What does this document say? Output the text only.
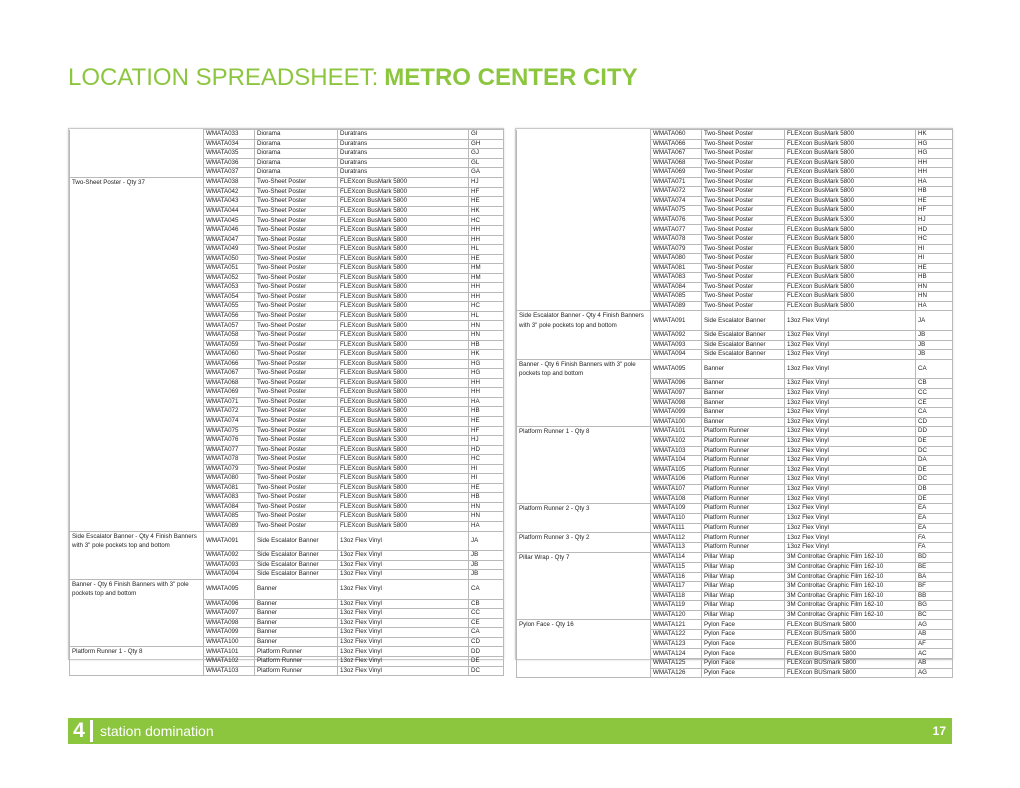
LOCATION SPREADSHEET: METRO CENTER CITY
	WMATA033	Diorama	Duratrans	GI
	WMATA034	Diorama	Duratrans	GH
	WMATA035	Diorama	Duratrans	GJ
	WMATA036	Diorama	Duratrans	GL
	WMATA037	Diorama	Duratrans	GA
Two-Sheet Poster - Qty 37	WMATA038	Two-Sheet Poster	FLEXcon BusMark 5800	HJ
	WMATA042	Two-Sheet Poster	FLEXcon BusMark 5800	HF
	WMATA043	Two-Sheet Poster	FLEXcon BusMark 5800	HE
	WMATA044	Two-Sheet Poster	FLEXcon BusMark 5800	HK
	WMATA045	Two-Sheet Poster	FLEXcon BusMark 5800	HC
	WMATA046	Two-Sheet Poster	FLEXcon BusMark 5800	HH
	WMATA047	Two-Sheet Poster	FLEXcon BusMark 5800	HH
	WMATA049	Two-Sheet Poster	FLEXcon BusMark 5800	HL
	WMATA050	Two-Sheet Poster	FLEXcon BusMark 5800	HE
	WMATA051	Two-Sheet Poster	FLEXcon BusMark 5800	HM
	WMATA052	Two-Sheet Poster	FLEXcon BusMark 5800	HM
	WMATA053	Two-Sheet Poster	FLEXcon BusMark 5800	HH
	WMATA054	Two-Sheet Poster	FLEXcon BusMark 5800	HH
	WMATA055	Two-Sheet Poster	FLEXcon BusMark 5800	HC
	WMATA056	Two-Sheet Poster	FLEXcon BusMark 5800	HL
	WMATA057	Two-Sheet Poster	FLEXcon BusMark 5800	HN
	WMATA058	Two-Sheet Poster	FLEXcon BusMark 5800	HN
	WMATA059	Two-Sheet Poster	FLEXcon BusMark 5800	HB
	WMATA060	Two-Sheet Poster	FLEXcon BusMark 5800	HK
	WMATA066	Two-Sheet Poster	FLEXcon BusMark 5800	HG
	WMATA067	Two-Sheet Poster	FLEXcon BusMark 5800	HG
	WMATA068	Two-Sheet Poster	FLEXcon BusMark 5800	HH
	WMATA069	Two-Sheet Poster	FLEXcon BusMark 5800	HH
	WMATA071	Two-Sheet Poster	FLEXcon BusMark 5800	HA
	WMATA072	Two-Sheet Poster	FLEXcon BusMark 5800	HB
	WMATA074	Two-Sheet Poster	FLEXcon BusMark 5800	HE
	WMATA075	Two-Sheet Poster	FLEXcon BusMark 5800	HF
	WMATA076	Two-Sheet Poster	FLEXcon BusMark 5300	HJ
	WMATA077	Two-Sheet Poster	FLEXcon BusMark 5800	HD
	WMATA078	Two-Sheet Poster	FLEXcon BusMark 5800	HC
	WMATA079	Two-Sheet Poster	FLEXcon BusMark 5800	HI
	WMATA080	Two-Sheet Poster	FLEXcon BusMark 5800	HI
	WMATA081	Two-Sheet Poster	FLEXcon BusMark 5800	HE
	WMATA083	Two-Sheet Poster	FLEXcon BusMark 5800	HB
	WMATA084	Two-Sheet Poster	FLEXcon BusMark 5800	HN
	WMATA085	Two-Sheet Poster	FLEXcon BusMark 5800	HN
	WMATA089	Two-Sheet Poster	FLEXcon BusMark 5800	HA
Side Escalator Banner - Qty 4 Finish Banners with 3" pole pockets top and bottom	WMATA091	Side Escalator Banner	13oz Flex Vinyl	JA
	WMATA092	Side Escalator Banner	13oz Flex Vinyl	JB
	WMATA093	Side Escalator Banner	13oz Flex Vinyl	JB
	WMATA094	Side Escalator Banner	13oz Flex Vinyl	JB
Banner - Qty 6 Finish Banners with 3" pole pockets top and bottom	WMATA095	Banner	13oz Flex Vinyl	CA
	WMATA096	Banner	13oz Flex Vinyl	CB
	WMATA097	Banner	13oz Flex Vinyl	CC
	WMATA098	Banner	13oz Flex Vinyl	CE
	WMATA099	Banner	13oz Flex Vinyl	CA
	WMATA100	Banner	13oz Flex Vinyl	CD
Platform Runner 1 - Qty 8	WMATA101	Platform Runner	13oz Flex Vinyl	DD
	WMATA102	Platform Runner	13oz Flex Vinyl	DE
	WMATA103	Platform Runner	13oz Flex Vinyl	DC
	WMATA060	Two-Sheet Poster	FLEXcon BusMark 5800	HK
	WMATA066	Two-Sheet Poster	FLEXcon BusMark 5800	HG
	WMATA067	Two-Sheet Poster	FLEXcon BusMark 5800	HG
	WMATA068	Two-Sheet Poster	FLEXcon BusMark 5800	HH
	WMATA069	Two-Sheet Poster	FLEXcon BusMark 5800	HH
	WMATA071	Two-Sheet Poster	FLEXcon BusMark 5800	HA
	WMATA072	Two-Sheet Poster	FLEXcon BusMark 5800	HB
	WMATA074	Two-Sheet Poster	FLEXcon BusMark 5800	HE
	WMATA075	Two-Sheet Poster	FLEXcon BusMark 5800	HF
	WMATA076	Two-Sheet Poster	FLEXcon BusMark 5300	HJ
	WMATA077	Two-Sheet Poster	FLEXcon BusMark 5800	HD
	WMATA078	Two-Sheet Poster	FLEXcon BusMark 5800	HC
	WMATA079	Two-Sheet Poster	FLEXcon BusMark 5800	HI
	WMATA080	Two-Sheet Poster	FLEXcon BusMark 5800	HI
	WMATA081	Two-Sheet Poster	FLEXcon BusMark 5800	HE
	WMATA083	Two-Sheet Poster	FLEXcon BusMark 5800	HB
	WMATA084	Two-Sheet Poster	FLEXcon BusMark 5800	HN
	WMATA085	Two-Sheet Poster	FLEXcon BusMark 5800	HN
	WMATA089	Two-Sheet Poster	FLEXcon BusMark 5800	HA
Side Escalator Banner - Qty 4 Finish Banners with 3" pole pockets top and bottom	WMATA091	Side Escalator Banner	13oz Flex Vinyl	JA
	WMATA092	Side Escalator Banner	13oz Flex Vinyl	JB
	WMATA093	Side Escalator Banner	13oz Flex Vinyl	JB
	WMATA094	Side Escalator Banner	13oz Flex Vinyl	JB
Banner - Qty 6 Finish Banners with 3" pole pockets top and bottom	WMATA095	Banner	13oz Flex Vinyl	CA
	WMATA096	Banner	13oz Flex Vinyl	CB
	WMATA097	Banner	13oz Flex Vinyl	CC
	WMATA098	Banner	13oz Flex Vinyl	CE
	WMATA099	Banner	13oz Flex Vinyl	CA
	WMATA100	Banner	13oz Flex Vinyl	CD
Platform Runner 1 - Qty 8	WMATA101	Platform Runner	13oz Flex Vinyl	DD
	WMATA102	Platform Runner	13oz Flex Vinyl	DE
	WMATA103	Platform Runner	13oz Flex Vinyl	DC
	WMATA104	Platform Runner	13oz Flex Vinyl	DA
	WMATA105	Platform Runner	13oz Flex Vinyl	DE
	WMATA106	Platform Runner	13oz Flex Vinyl	DC
	WMATA107	Platform Runner	13oz Flex Vinyl	DB
	WMATA108	Platform Runner	13oz Flex Vinyl	DE
Platform Runner 2 - Qty 3	WMATA109	Platform Runner	13oz Flex Vinyl	EA
	WMATA110	Platform Runner	13oz Flex Vinyl	EA
	WMATA111	Platform Runner	13oz Flex Vinyl	EA
Platform Runner 3 - Qty 2	WMATA112	Platform Runner	13oz Flex Vinyl	FA
	WMATA113	Platform Runner	13oz Flex Vinyl	FA
Pillar Wrap - Qty 7	WMATA114	Pillar Wrap	3M Controltac Graphic Film 162-10	BD
	WMATA115	Pillar Wrap	3M Controltac Graphic Film 162-10	BE
	WMATA116	Pillar Wrap	3M Controltac Graphic Film 162-10	BA
	WMATA117	Pillar Wrap	3M Controltac Graphic Film 162-10	BF
	WMATA118	Pillar Wrap	3M Controltac Graphic Film 162-10	BB
	WMATA119	Pillar Wrap	3M Controltac Graphic Film 162-10	BG
	WMATA120	Pillar Wrap	3M Controltac Graphic Film 162-10	BC
Pylon Face - Qty 16	WMATA121	Pylon Face	FLEXcon BUSmark 5800	AG
	WMATA122	Pylon Face	FLEXcon BUSmark 5800	AB
	WMATA123	Pylon Face	FLEXcon BUSmark 5800	AF
	WMATA124	Pylon Face	FLEXcon BUSmark 5800	AC
	WMATA125	Pylon Face	FLEXcon BUSmark 5800	AB
	WMATA126	Pylon Face	FLEXcon BUSmark 5800	AG
4	station domination	17
